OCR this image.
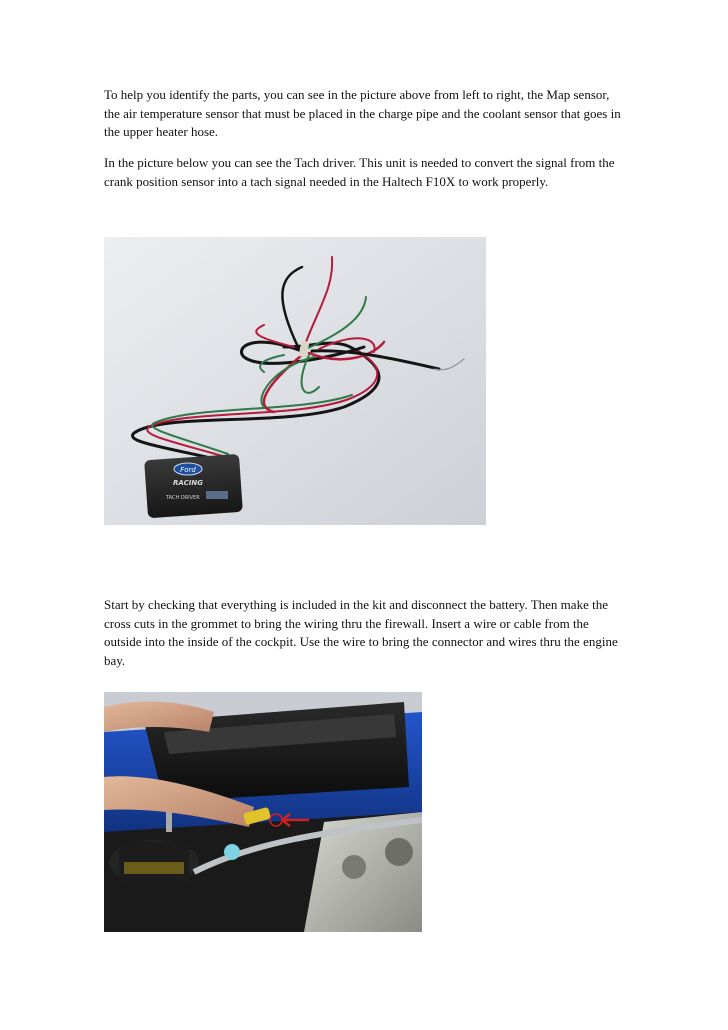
To help you identify the parts, you can see in the picture above from left to right, the Map sensor, the air temperature sensor that must be placed in the charge pipe and the coolant sensor that goes in the upper heater hose.

In the picture below you can see the Tach driver. This unit is needed to convert the signal from the crank position sensor into a tach signal needed in the Haltech F10X to work properly.

Ford
RACING
TACH DRIVER

Start by checking that everything is included in the kit and disconnect the battery. Then make the cross cuts in the grommet to bring the wiring thru the firewall. Insert a wire or cable from the outside into the inside of the cockpit. Use the wire to bring the connector and wires thru the engine bay.
